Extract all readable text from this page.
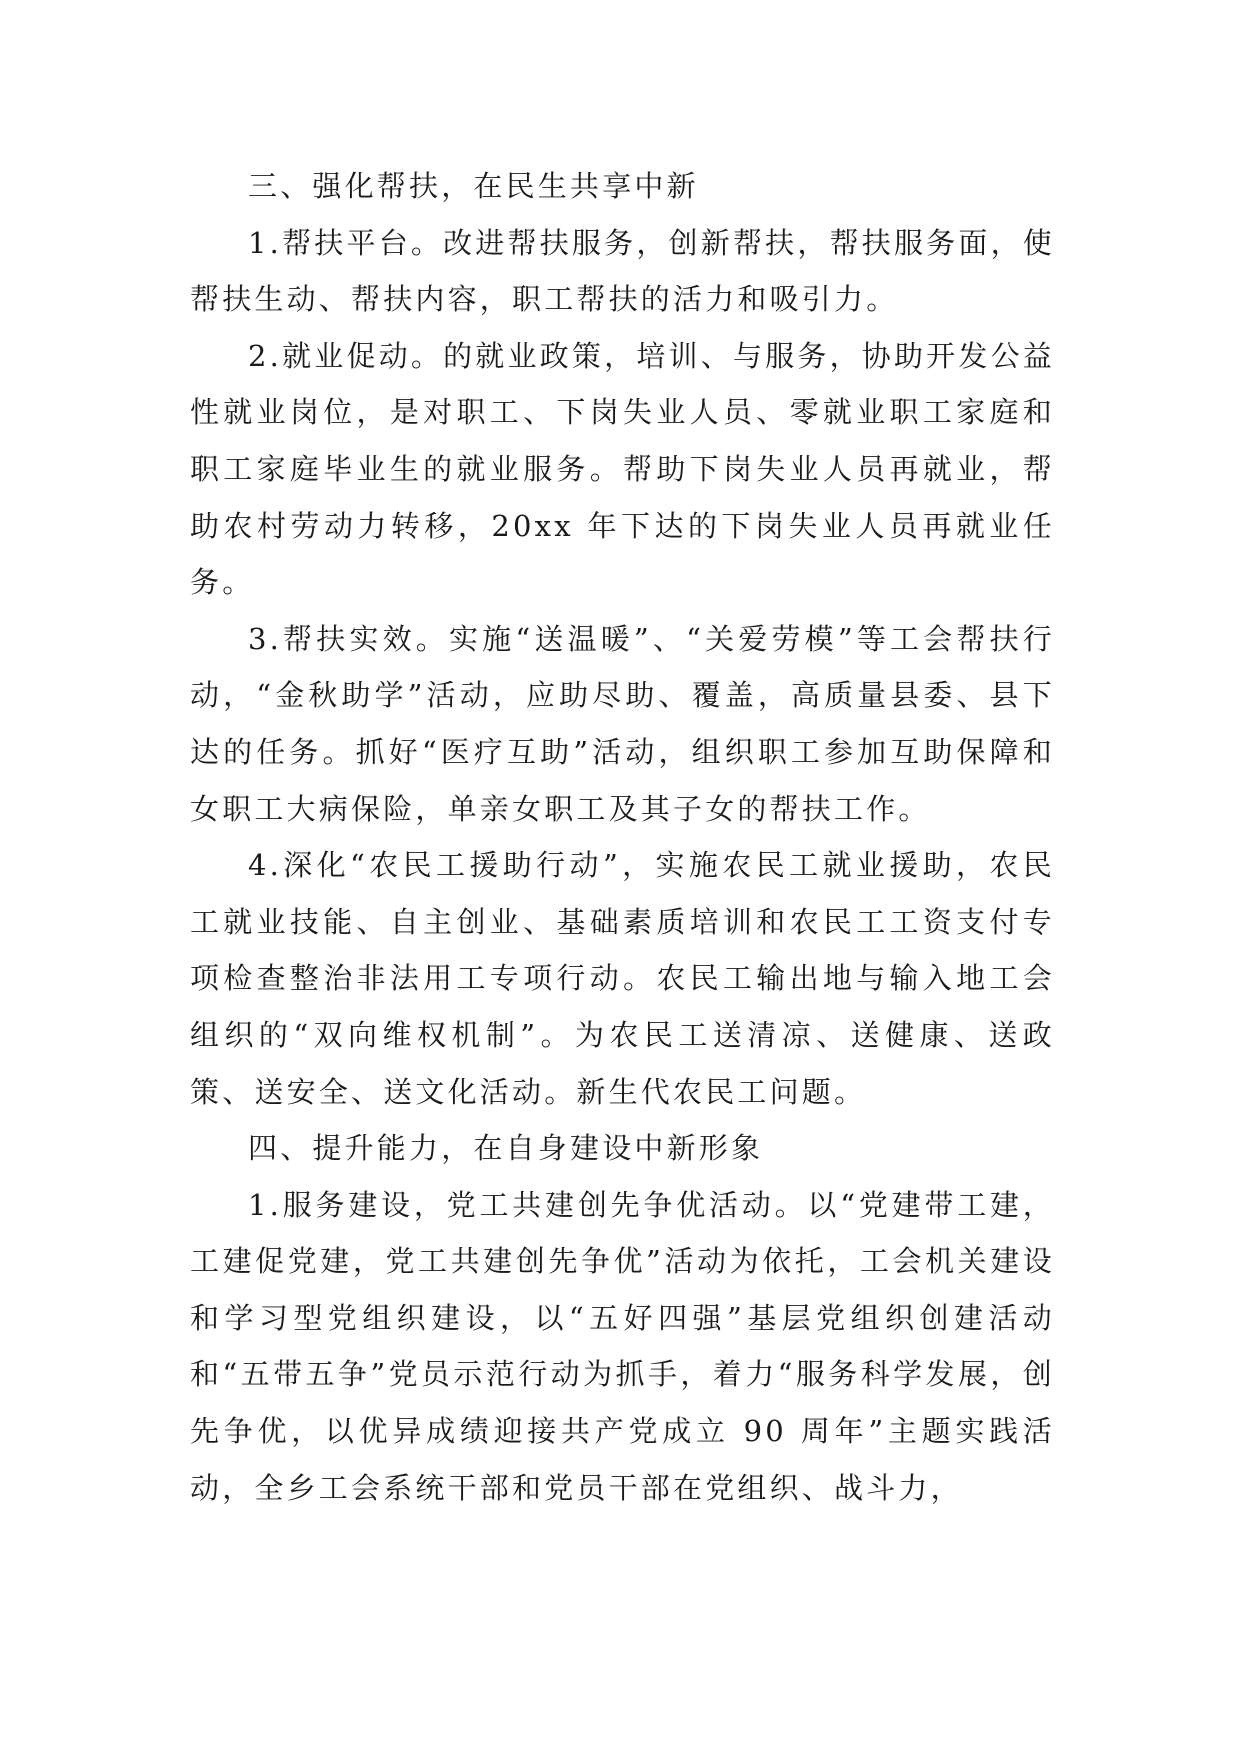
三、强化帮扶，在民生共享中新

1.帮扶平台。改进帮扶服务，创新帮扶，帮扶服务面，使帮扶生动、帮扶内容，职工帮扶的活力和吸引力。

2.就业促动。的就业政策，培训、与服务，协助开发公益性就业岗位，是对职工、下岗失业人员、零就业职工家庭和职工家庭毕业生的就业服务。帮助下岗失业人员再就业，帮助农村劳动力转移，20xx 年下达的下岗失业人员再就业任务。

3.帮扶实效。实施“送温暖”、“关爱劳模”等工会帮扶行动，“金秋助学”活动，应助尽助、覆盖，高质量县委、县下达的任务。抓好“医疗互助”活动，组织职工参加互助保障和女职工大病保险，单亲女职工及其子女的帮扶工作。

4.深化“农民工援助行动”，实施农民工就业援助，农民工就业技能、自主创业、基础素质培训和农民工工资支付专项检查整治非法用工专项行动。农民工输出地与输入地工会组织的“双向维权机制”。为农民工送清凉、送健康、送政策、送安全、送文化活动。新生代农民工问题。

四、提升能力，在自身建设中新形象

1.服务建设，党工共建创先争优活动。以“党建带工建，工建促党建，党工共建创先争优”活动为依托，工会机关建设和学习型党组织建设，以“五好四强”基层党组织创建活动和“五带五争”党员示范行动为抓手，着力“服务科学发展，创先争优，以优异成绩迎接共产党成立 90 周年”主题实践活动，全乡工会系统干部和党员干部在党组织、战斗力，
